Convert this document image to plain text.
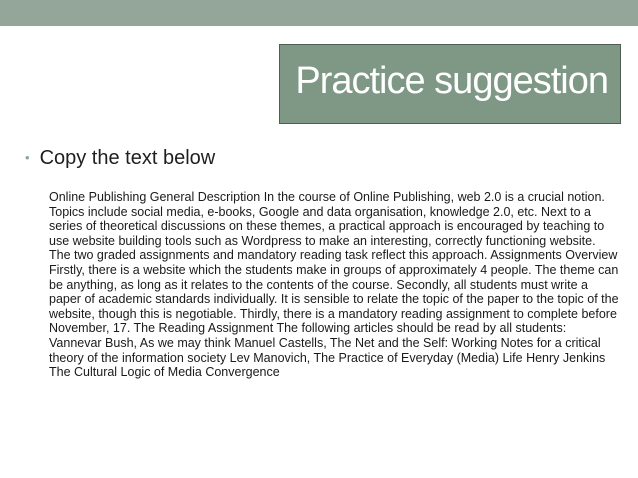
Practice suggestion
• Copy the text below
Online Publishing General Description In the course of Online Publishing, web 2.0 is a crucial notion.
Topics include social media, e-books, Google and data organisation, knowledge 2.0, etc. Next to a
series of theoretical discussions on these themes, a practical approach is encouraged by teaching to
use website building tools such as Wordpress to make an interesting, correctly functioning website.
The two graded assignments and mandatory reading task reflect this approach. Assignments Overview
Firstly, there is a website which the students make in groups of approximately 4 people. The theme can
be anything, as long as it relates to the contents of the course. Secondly, all students must write a
paper of academic standards individually. It is sensible to relate the topic of the paper to the topic of the
website, though this is negotiable. Thirdly, there is a mandatory reading assignment to complete before
November, 17. The Reading Assignment The following articles should be read by all students:
Vannevar Bush, As we may think Manuel Castells, The Net and the Self: Working Notes for a critical
theory of the information society Lev Manovich, The Practice of Everyday (Media) Life Henry Jenkins
The Cultural Logic of Media Convergence
